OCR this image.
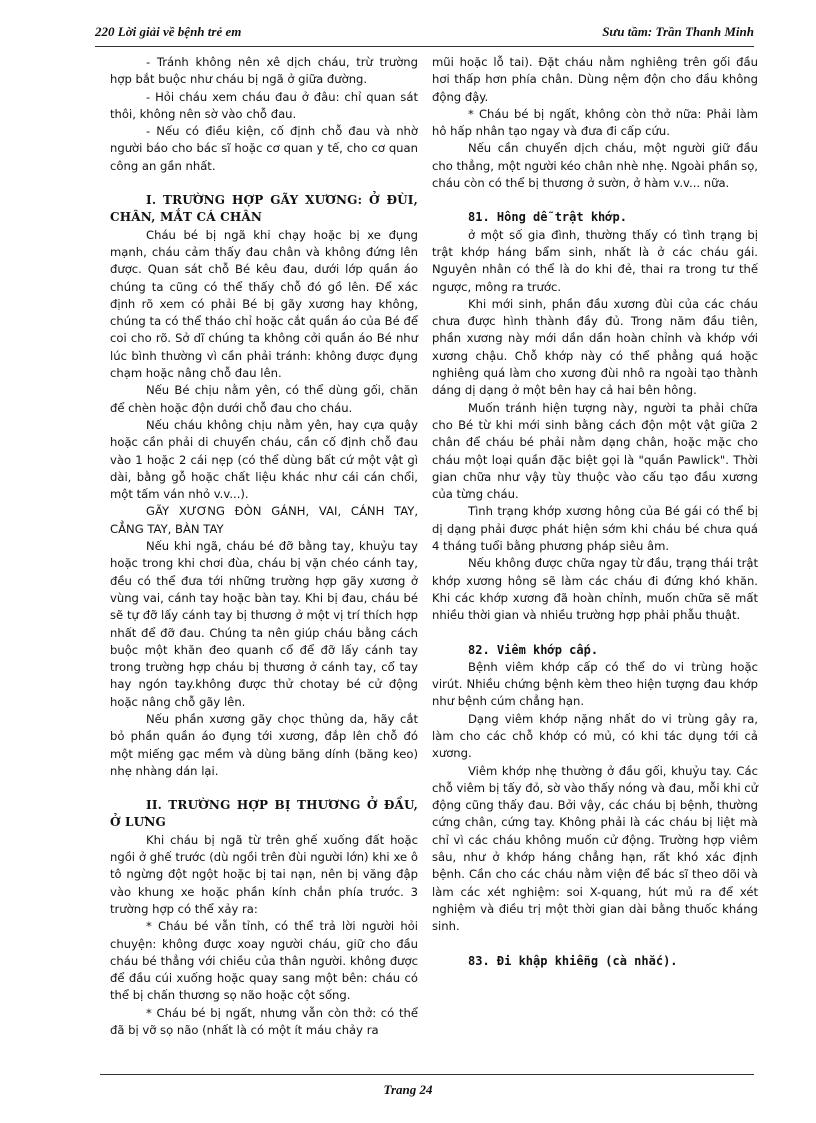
220 Lời giải về bệnh trẻ em	Sưu tầm: Trần Thanh Minh

- Tránh không nên xê dịch cháu, trừ trường hợp bắt buộc như cháu bị ngã ở giữa đường.

- Hỏi cháu xem cháu đau ở đâu: chỉ quan sát thôi, không nên sờ vào chỗ đau.

- Nếu có điều kiện, cố định chỗ đau và nhờ người báo cho bác sĩ hoặc cơ quan y tế, cho cơ quan công an gần nhất.

I. TRƯỜNG HỢP GÃY XƯƠNG: Ở ĐÙI, CHÂN, MẮT CÁ CHÂN

Cháu bé bị ngã khi chạy hoặc bị xe đụng mạnh, cháu cảm thấy đau chân và không đứng lên được. Quan sát chỗ Bé kêu đau, dưới lớp quần áo chúng ta cũng có thể thấy chỗ đó gồ lên. Để xác định rõ xem có phải Bé bị gãy xương hay không, chúng ta có thể tháo chỉ hoặc cắt quần áo của Bé để coi cho rõ. Sở dĩ chúng ta không cởi quần áo Bé như lúc bình thường vì cần phải tránh: không được đụng chạm hoặc nâng chỗ đau lên.

Nếu Bé chịu nằm yên, có thể dùng gối, chăn để chèn hoặc độn dưới chỗ đau cho cháu.

Nếu cháu không chịu nằm yên, hay cựa quậy hoặc cần phải di chuyển cháu, cần cố định chỗ đau vào 1 hoặc 2 cái nẹp (có thể dùng bất cứ một vật gì dài, bằng gỗ hoặc chất liệu khác như cái cán chổi, một tấm ván nhỏ v.v...).

GÃY XƯƠNG ĐÒN GÁNH, VAI, CÁNH TAY, CẲNG TAY, BÀN TAY

Nếu khi ngã, cháu bé đỡ bằng tay, khuỷu tay hoặc trong khi chơi đùa, cháu bị vặn chéo cánh tay, đều có thể đưa tới những trường hợp gãy xương ở vùng vai, cánh tay hoặc bàn tay. Khi bị đau, cháu bé sẽ tự đỡ lấy cánh tay bị thương ở một vị trí thích hợp nhất để đỡ đau. Chúng ta nên giúp cháu bằng cách buộc một khăn đeo quanh cổ để đỡ lấy cánh tay trong trường hợp cháu bị thương ở cánh tay, cổ tay hay ngón tay.không được thử chotay bé cử động hoặc nâng chỗ gãy lên.

Nếu phần xương gãy chọc thủng da, hãy cắt bỏ phần quần áo đụng tới xương, đắp lên chỗ đó một miếng gạc mềm và dùng băng dính (băng keo) nhẹ nhàng dán lại.

II. TRƯỜNG HỢP BỊ THƯƠNG Ở ĐẦU, Ở LƯNG

Khi cháu bị ngã từ trên ghế xuống đất hoặc ngồi ở ghế trước (dù ngồi trên đùi người lớn) khi xe ô tô ngừng đột ngột hoặc bị tai nạn, nên bị văng đập vào khung xe hoặc phần kính chắn phía trước. 3 trường hợp có thể xảy ra:

* Cháu bé vẫn tỉnh, có thể trả lời người hỏi chuyện: không được xoay người cháu, giữ cho đầu cháu bé thẳng với chiều của thân người. không được để đầu cúi xuống hoặc quay sang một bên: cháu có thể bị chấn thương sọ não hoặc cột sống.

* Cháu bé bị ngất, nhưng vẫn còn thở: có thể đã bị vỡ sọ não (nhất là có một ít máu chảy ra

mũi hoặc lỗ tai). Đặt cháu nằm nghiêng trên gối đầu hơi thấp hơn phía chân. Dùng nệm độn cho đầu không động đậy.

* Cháu bé bị ngất, không còn thở nữa: Phải làm hô hấp nhân tạo ngay và đưa đi cấp cứu.

Nếu cần chuyển dịch cháu, một người giữ đầu cho thẳng, một người kéo chân nhè nhẹ. Ngoài phần sọ, cháu còn có thể bị thương ở sườn, ở hàm v.v... nữa.

81. Hông dễ trật khớp.

ở một số gia đình, thường thấy có tình trạng bị trật khớp háng bẩm sinh, nhất là ở các cháu gái. Nguyên nhân có thể là do khi đẻ, thai ra trong tư thế ngược, mông ra trước.

Khi mới sinh, phần đầu xương đùi của các cháu chưa được hình thành đầy đủ. Trong năm đầu tiên, phần xương này mới dần dần hoàn chỉnh và khớp với xương chậu. Chỗ khớp này có thể phẳng quá hoặc nghiêng quá làm cho xương đùi nhô ra ngoài tạo thành dáng dị dạng ở một bên hay cả hai bên hông.

Muốn tránh hiện tượng này, người ta phải chữa cho Bé từ khi mới sinh bằng cách độn một vật giữa 2 chân để cháu bé phải nằm dạng chân, hoặc mặc cho cháu một loại quần đặc biệt gọi là "quần Pawlick". Thời gian chữa như vậy tùy thuộc vào cấu tạo đầu xương của từng cháu.

Tình trạng khớp xương hông của Bé gái có thể bị dị dạng phải được phát hiện sớm khi cháu bé chưa quá 4 tháng tuổi bằng phương pháp siêu âm.

Nếu không được chữa ngay từ đầu, trạng thái trật khớp xương hông sẽ làm các cháu đi đứng khó khăn. Khi các khớp xương đã hoàn chỉnh, muốn chữa sẽ mất nhiều thời gian và nhiều trường hợp phải phẫu thuật.

82. Viêm khớp cấp.

Bệnh viêm khớp cấp có thể do vi trùng hoặc virút. Nhiều chứng bệnh kèm theo hiện tượng đau khớp như bệnh cúm chẳng hạn.

Dạng viêm khớp nặng nhất do vi trùng gây ra, làm cho các chỗ khớp có mủ, có khi tác dụng tới cả xương.

Viêm khớp nhẹ thường ở đầu gối, khuỷu tay. Các chỗ viêm bị tấy đỏ, sờ vào thấy nóng và đau, mỗi khi cử động cũng thấy đau. Bởi vậy, các cháu bị bệnh, thường cứng chân, cứng tay. Không phải là các cháu bị liệt mà chỉ vì các cháu không muốn cử động. Trường hợp viêm sâu, như ở khớp háng chẳng hạn, rất khó xác định bệnh. Cần cho các cháu nằm viện để bác sĩ theo dõi và làm các xét nghiệm: soi X-quang, hút mủ ra để xét nghiệm và điều trị một thời gian dài bằng thuốc kháng sinh.

83. Đi khập khiễng (cà nhắc).

Trang 24
